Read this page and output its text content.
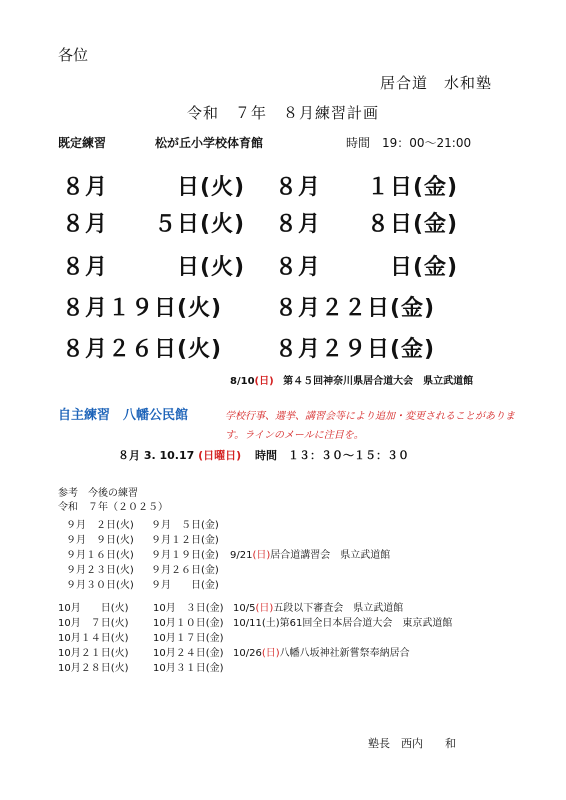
各位
居合道　水和塾
令和　７年　８月練習計画
既定練習	松が丘小学校体育館	時間　19：00～21:00
８月　　　日(火) ８月　　１日(金)
８月　　５日(火) ８月　　８日(金)
８月　　　日(火) ８月　　　日(金)
８月１９日(火) ８月２２日(金)
８月２６日(火) ８月２９日(金)
8/10(日) 第４５回神奈川県居合道大会　県立武道館
自主練習　八幡公民館	学校行事、選挙、講習会等により追加・変更されることがあります。ラインのメールに注目を。
８月 3. 10.17 (日曜日) 時間　１３：３０～１５：３０
参考　今後の練習
令和　７年（２０２５）
９月　２日(火) ９月　５日(金)
９月　９日(火) ９月１２日(金)
９月１６日(火) ９月１９日(金) 9/21(日)居合道講習会　県立武道館
９月２３日(火) ９月２６日(金)
９月３０日(火) ９月　　日(金)
10月　　日(火) 10月　３日(金) 10/5(日)五段以下審査会　県立武道館
10月　７日(火) 10月１０日(金) 10/11(土)第61回全日本居合道大会　東京武道館
10月１４日(火) 10月１７日(金)
10月２１日(火) 10月２４日(金) 10/26(日)八幡八坂神社新嘗祭奉納居合
10月２８日(火) 10月３１日(金)
塾長　西内　　和
